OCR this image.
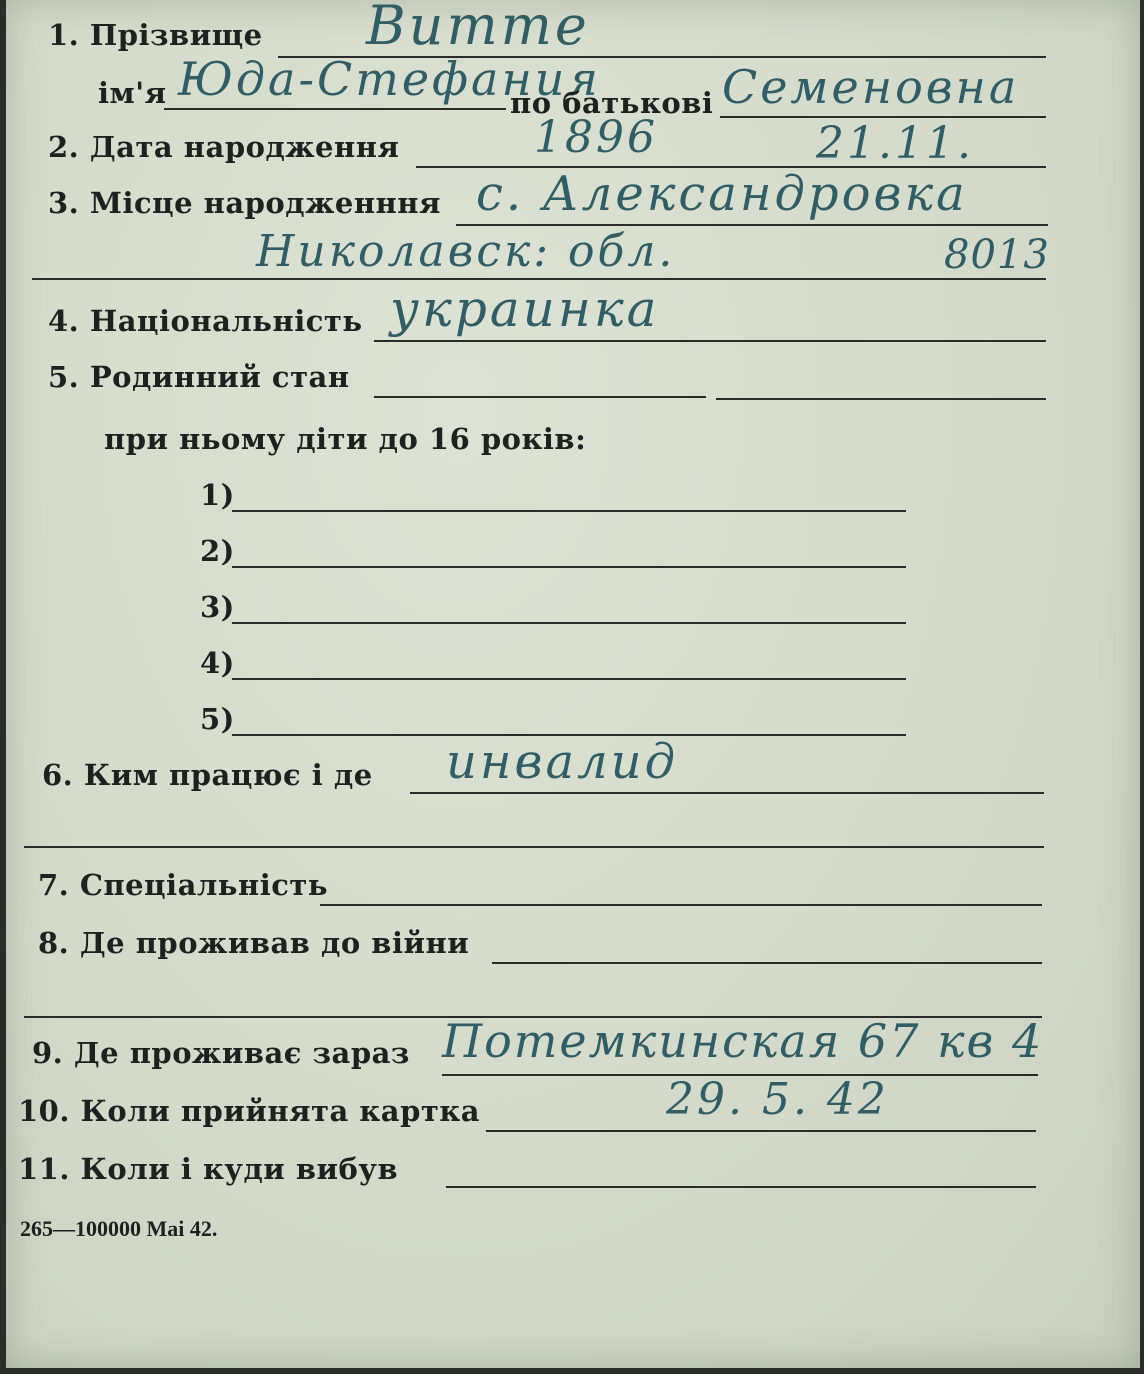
1. Прізвище Витте
ім'я Юда-Стефания
по батькові Семеновна
2. Дата народження	1896	21.11.
3. Місце народженння с. Александровка
Николавск: обл.	8013
4. Національність украинка
5. Родинний стан
при ньому діти до 16 років:
1)
2)
3)
4)
5)
6. Ким працює і де инвалид
7. Спеціальність
8. Де проживав до війни
9. Де проживає зараз Потемкинская 67 кв 4
10. Коли прийнята картка	29. 5. 42
11. Коли і куди вибув
265—100000 Mai 42.
